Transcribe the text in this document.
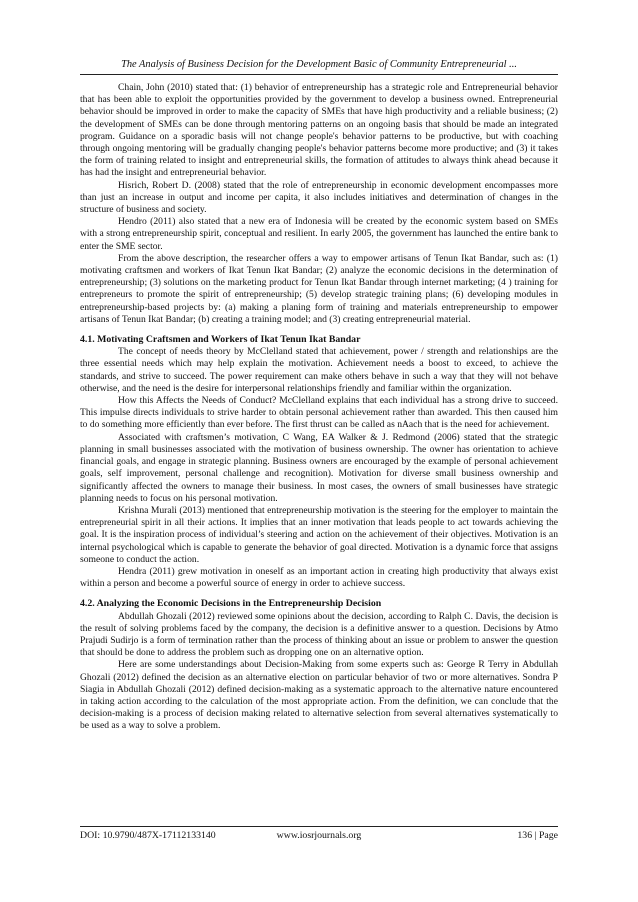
The Analysis of Business Decision for the Development Basic of Community Entrepreneurial ...

Chain, John (2010) stated that: (1) behavior of entrepreneurship has a strategic role and Entrepreneurial behavior that has been able to exploit the opportunities provided by the government to develop a business owned. Entrepreneurial behavior should be improved in order to make the capacity of SMEs that have high productivity and a reliable business; (2) the development of SMEs can be done through mentoring patterns on an ongoing basis that should be made an integrated program. Guidance on a sporadic basis will not change people's behavior patterns to be productive, but with coaching through ongoing mentoring will be gradually changing people's behavior patterns become more productive; and (3) it takes the form of training related to insight and entrepreneurial skills, the formation of attitudes to always think ahead because it has had the insight and entrepreneurial behavior.

Hisrich, Robert D. (2008) stated that the role of entrepreneurship in economic development encompasses more than just an increase in output and income per capita, it also includes initiatives and determination of changes in the structure of business and society.

Hendro (2011) also stated that a new era of Indonesia will be created by the economic system based on SMEs with a strong entrepreneurship spirit, conceptual and resilient. In early 2005, the government has launched the entire bank to enter the SME sector.

From the above description, the researcher offers a way to empower artisans of Tenun Ikat Bandar, such as: (1) motivating craftsmen and workers of Ikat Tenun Ikat Bandar; (2) analyze the economic decisions in the determination of entrepreneurship; (3) solutions on the marketing product for Tenun Ikat Bandar through internet marketing; (4 ) training for entrepreneurs to promote the spirit of entrepreneurship; (5) develop strategic training plans; (6) developing modules in entrepreneurship-based projects by: (a) making a planing form of training and materials entrepreneurship to empower artisans of Tenun Ikat Bandar; (b) creating a training model; and (3) creating entrepreneurial material.

4.1. Motivating Craftsmen and Workers of Ikat Tenun Ikat Bandar

The concept of needs theory by McClelland stated that achievement, power / strength and relationships are the three essential needs which may help explain the motivation. Achievement needs a boost to exceed, to achieve the standards, and strive to succeed. The power requirement can make others behave in such a way that they will not behave otherwise, and the need is the desire for interpersonal relationships friendly and familiar within the organization.

How this Affects the Needs of Conduct? McClelland explains that each individual has a strong drive to succeed. This impulse directs individuals to strive harder to obtain personal achievement rather than awarded. This then caused him to do something more efficiently than ever before. The first thrust can be called as nAach that is the need for achievement.

Associated with craftsmen’s motivation, C Wang, EA Walker & J. Redmond (2006) stated that the strategic planning in small businesses associated with the motivation of business ownership. The owner has orientation to achieve financial goals, and engage in strategic planning. Business owners are encouraged by the example of personal achievement goals, self improvement, personal challenge and recognition). Motivation for diverse small business ownership and significantly affected the owners to manage their business. In most cases, the owners of small businesses have strategic planning needs to focus on his personal motivation.

Krishna Murali (2013) mentioned that entrepreneurship motivation is the steering for the employer to maintain the entrepreneurial spirit in all their actions. It implies that an inner motivation that leads people to act towards achieving the goal. It is the inspiration process of individual’s steering and action on the achievement of their objectives. Motivation is an internal psychological which is capable to generate the behavior of goal directed. Motivation is a dynamic force that assigns someone to conduct the action.

Hendra (2011) grew motivation in oneself as an important action in creating high productivity that always exist within a person and become a powerful source of energy in order to achieve success.

4.2. Analyzing the Economic Decisions in the Entrepreneurship Decision

Abdullah Ghozali (2012) reviewed some opinions about the decision, according to Ralph C. Davis, the decision is the result of solving problems faced by the company, the decision is a definitive answer to a question. Decisions by Atmo Prajudi Sudirjo is a form of termination rather than the process of thinking about an issue or problem to answer the question that should be done to address the problem such as dropping one on an alternative option.

Here are some understandings about Decision-Making from some experts such as: George R Terry in Abdullah Ghozali (2012) defined the decision as an alternative election on particular behavior of two or more alternatives. Sondra P Siagia in Abdullah Ghozali (2012) defined decision-making as a systematic approach to the alternative nature encountered in taking action according to the calculation of the most appropriate action. From the definition, we can conclude that the decision-making is a process of decision making related to alternative selection from several alternatives systematically to be used as a way to solve a problem.

DOI: 10.9790/487X-17112133140	www.iosrjournals.org	136 | Page
